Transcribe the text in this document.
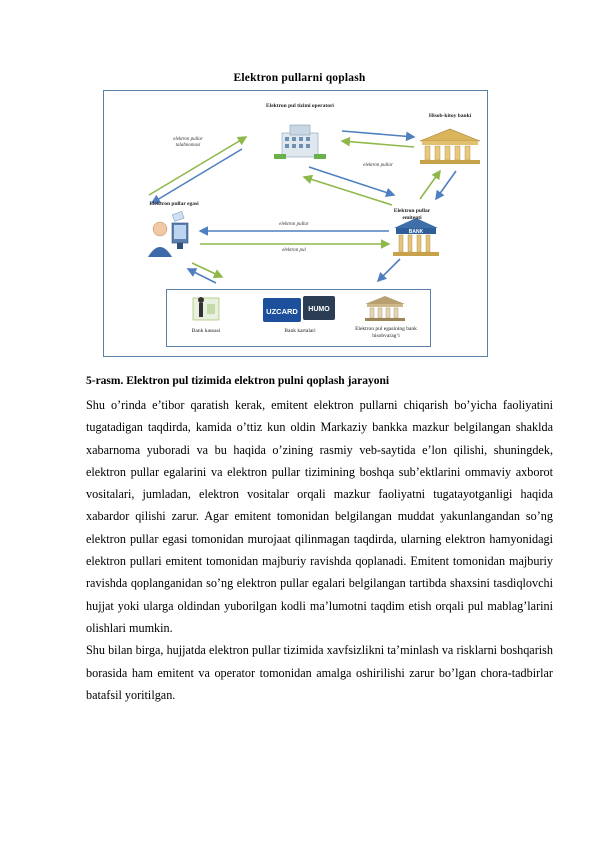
Elektron pullarni qoplash
BANK
Elektron pul tizimi operatori
Hisob-kitoy banki
Elektron pullar egasi
Elektron pullar emitenti
elektron pullar talabnomasi
elektron pullar
elektron pullar
elektron pul
UZCARD HUMO
Bank kassasi	Bank kartalari	Elektron pul egasining bank hisobvarag‘i
5-rasm. Elektron pul tizimida elektron pulni qoplash jarayoni

Shu o’rinda e’tibor qaratish kerak, emitent elektron pullarni chiqarish bo’yicha faoliyatini tugatadigan taqdirda, kamida o’ttiz kun oldin Markaziy bankka mazkur belgilangan shaklda xabarnoma yuboradi va bu haqida o’zining rasmiy veb-saytida e’lon qilishi, shuningdek, elektron pullar egalarini va elektron pullar tizimining boshqa sub’ektlarini ommaviy axborot vositalari, jumladan, elektron vositalar orqali mazkur faoliyatni tugatayotganligi haqida xabardor qilishi zarur. Agar emitent tomonidan belgilangan muddat yakunlangandan so’ng elektron pullar egasi tomonidan murojaat qilinmagan taqdirda, ularning elektron hamyonidagi elektron pullari emitent tomonidan majburiy ravishda qoplanadi. Emitent tomonidan majburiy ravishda qoplanganidan so’ng elektron pullar egalari belgilangan tartibda shaxsini tasdiqlovchi hujjat yoki ularga oldindan yuborilgan kodli ma’lumotni taqdim etish orqali pul mablag’larini olishlari mumkin.

Shu bilan birga, hujjatda elektron pullar tizimida xavfsizlikni ta’minlash va risklarni boshqarish borasida ham emitent va operator tomonidan amalga oshirilishi zarur bo’lgan chora-tadbirlar batafsil yoritilgan.
